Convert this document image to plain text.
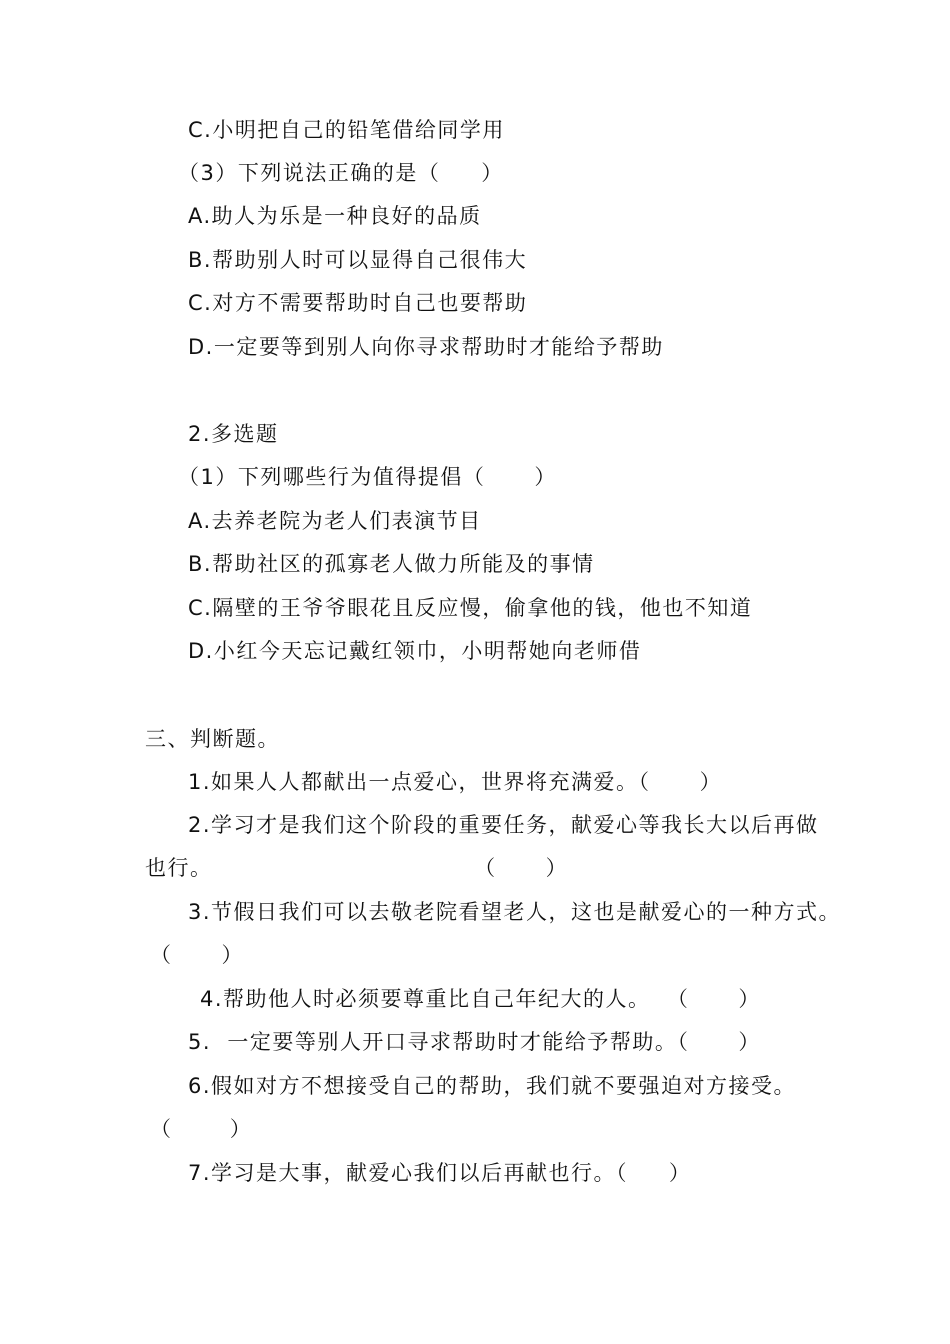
C.小明把自己的铅笔借给同学用
（3）下列说法正确的是（     ）
A.助人为乐是一种良好的品质
B.帮助别人时可以显得自己很伟大
C.对方不需要帮助时自己也要帮助
D.一定要等到别人向你寻求帮助时才能给予帮助
2.多选题
（1）下列哪些行为值得提倡（      ）
A.去养老院为老人们表演节目
B.帮助社区的孤寡老人做力所能及的事情
C.隔壁的王爷爷眼花且反应慢，偷拿他的钱，他也不知道
D.小红今天忘记戴红领巾，小明帮她向老师借
三、判断题。
1.如果人人都献出一点爱心，世界将充满爱。（      ）
2.学习才是我们这个阶段的重要任务，献爱心等我长大以后再做
也行。                                （      ）
3.节假日我们可以去敬老院看望老人，这也是献爱心的一种方式。
（      ）
4.帮助他人时必须要尊重比自己年纪大的人。  （      ）
5.  一定要等别人开口寻求帮助时才能给予帮助。（      ）
6.假如对方不想接受自己的帮助，我们就不要强迫对方接受。
（       ）
7.学习是大事，献爱心我们以后再献也行。（     ）
